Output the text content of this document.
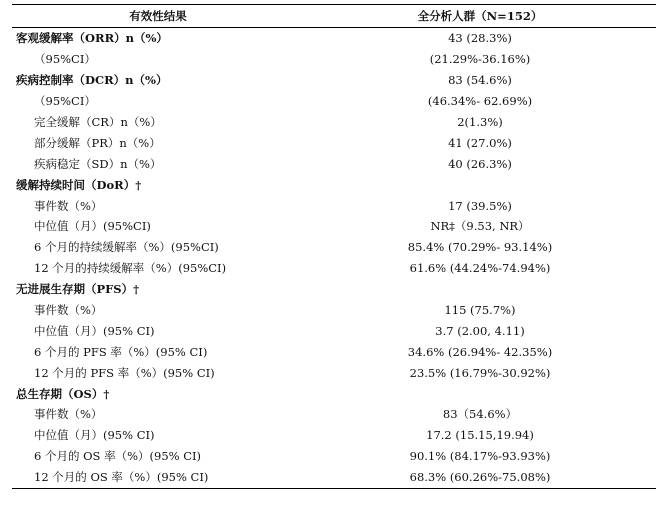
有效性结果	全分析人群（N=152）
客观缓解率（ORR）n（%）	43 (28.3%)
（95%CI）	(21.29%-36.16%)
疾病控制率（DCR）n（%）	83 (54.6%)
（95%CI）	(46.34%- 62.69%)
完全缓解（CR）n（%）	2(1.3%)
部分缓解（PR）n（%）	41 (27.0%)
疾病稳定（SD）n（%）	40 (26.3%)
缓解持续时间（DoR）†	
事件数（%）	17 (39.5%)
中位值（月）(95%CI)	NR‡（9.53, NR）
6 个月的持续缓解率（%）(95%CI)	85.4% (70.29%- 93.14%)
12 个月的持续缓解率（%）(95%CI)	61.6% (44.24%-74.94%)
无进展生存期（PFS）†	
事件数（%）	115 (75.7%)
中位值（月）(95% CI)	3.7 (2.00, 4.11)
6 个月的 PFS 率（%）(95% CI)	34.6% (26.94%- 42.35%)
12 个月的 PFS 率（%）(95% CI)	23.5% (16.79%-30.92%)
总生存期（OS）†	
事件数（%）	83（54.6%）
中位值（月）(95% CI)	17.2 (15.15,19.94)
6 个月的 OS 率（%）(95% CI)	90.1% (84.17%-93.93%)
12 个月的 OS 率（%）(95% CI)	68.3% (60.26%-75.08%)
